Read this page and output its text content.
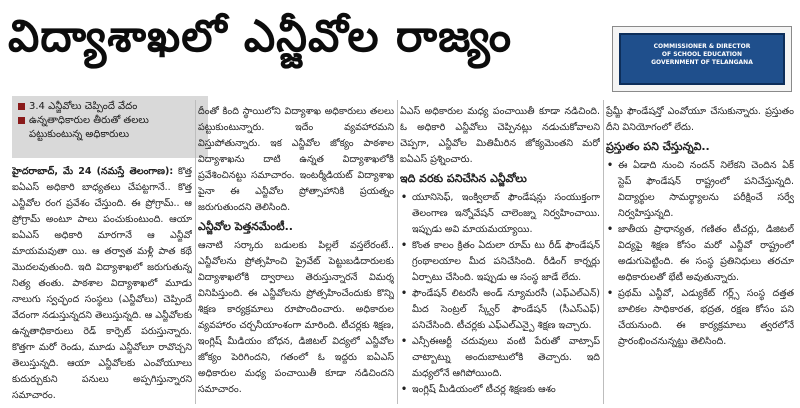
విద్యాశాఖలో ఎన్జీవోల రాజ్యం	COMMISSIONER & DIRECTOR
OF SCHOOL EDUCATION
GOVERNMENT OF TELANGANA
3.4 ఎన్జీవోలు చెప్పిందే వేదం
ఉన్నతాధికారుల తీరుతో తలలు పట్టుకుంటున్న అధికారులు

హైదరాబాద్, మే 24 (నమస్తే తెలంగాణ): కొత్త ఐఏఎస్ అధికారి బాధ్యతలు చేపట్టగానే.. కొత్త ఎన్జీవోల రంగ ప్రవేశం చేస్తుంది. ఈ ప్రోగ్రామ్.. ఆ ప్రోగ్రామ్ అంటూ పాలు పంచుకుంటుంది. ఆయా ఐఏఎస్ అధికారి మారగానే ఆ ఎన్జీవో మాయమవుతా యి. ఆ తర్వాత మళ్లీ పాత కథే మొదలవుతుంది. ఇది విద్యాశాఖలో జరుగుతున్న నిత్య తంతు. పాఠశాల విద్యాశాఖలో మూడు నాలుగు స్వచ్ఛంద సంస్థలు (ఎన్జీవోలు) చెప్పిందే వేదంగా నడుస్తున్నదని తెలుస్తున్నది. ఆ ఎన్జీవోలకు ఉన్నతాధికారులు రెడ్ కార్పెట్ పరుస్తున్నారు. కొత్తగా మరో రెండు, మూడు ఎన్జీవోలూ రావొచ్చని తెలుస్తున్నది. ఆయా ఎన్జీవోలకు ఎంవోయూలు కుదుర్చుకుని పనులు అప్పగిస్తున్నారని సమాచారం.

దీంతో కింది స్థాయిలోని విద్యాశాఖ అధికారులు తలలు పట్టుకుంటున్నారు. ఇదేం వ్యవహారమని విస్తుపోతున్నారు. ఇక ఎన్జీవోల జోక్యం పాఠశాల విద్యాశాఖను దాటి ఉన్నత విద్యాశాఖలోకి ప్రవేశించినట్టు సమాచారం. ఇంటర్మీడియట్ విద్యాశాఖ పైనా ఈ ఎన్జీవోల ప్రోత్సాహానికి ప్రయత్నం జరుగుతుందని తెలిసింది.

ఎన్జీవోల పెత్తనమేంటీ..

ఆనాటి సర్కారు బడులకు పిల్లలే వస్తలేరంటే.. ఎన్జీవోలను ప్రోత్సహించి ప్రైవేట్ పెట్టుబడిదారులకు విద్యాశాఖలోకి ద్వారాలు తెరుస్తున్నారనే విమర్శ వినిపిస్తుంది. ఈ ఎన్జీవోలను ప్రోత్సహించేందుకు కొన్ని శిక్షణ కార్యక్రమాలు రూపొందించారు. అధికారుల వ్యవహారం చర్చనీయాంశంగా మారింది. టీచర్లకు శిక్షణ, ఇంగ్లిష్ మీడియం బోధన, డిజిటల్ విద్యలో ఎన్జీవోల జోక్యం పెరిగిందని, గతంలో ఓ ఇద్దరు ఐఏఎస్ అధికారుల మధ్య పంచాయితీ కూడా నడిచిందని సమాచారం.

ఏఎస్ అధికారుల మధ్య పంచాయితీ కూడా నడిచింది. ఓ అధికారి ఎన్జీవోలు చెప్పినట్లు నడుచుకోవాలని చెప్పగా, ఎన్జీవోల మితిమీరిన జోక్యమెంతని మరో ఐఏఎస్ ప్రశ్నించారు.

ఇది వరకు పనిచేసిన ఎన్జీవోలు
• యూనిసెఫ్, ఇంక్విలాబ్ ఫౌండేషన్లు సంయుక్తంగా తెలంగాణ ఇన్నోవేషన్ చాలెంజ్ను నిర్వహించాయి. ఇప్పుడు అవి మాయమయ్యాయి.
• కొంత కాలం క్రితం ఏదులా రూమ్ టు రీడ్ ఫౌండేషన్ గ్రంథాలయాల మీద పనిచేసింది. రీడింగ్ కార్నర్లు ఏర్పాటు చేసింది. ఇప్పుడు ఆ సంస్థ జాడే లేదు.
• ఫౌండేషన్ లిటరసీ అండ్ న్యూమరసీ (ఎఫ్ఎల్ఎన్) మీద సెంట్రల్ స్క్వేర్ ఫౌండేషన్ (సీఎస్ఎఫ్) పనిచేసింది. టీచర్లకు ఎఫ్ఎల్ఎన్పై శిక్షణ ఇచ్చారు.
• ఎన్సీఈఆర్టీ చదువులు వంటి పేరుతో వాట్సాప్ చాట్బాట్ను అందుబాటులోకి తెచ్చారు. ఇది మధ్యలోనే ఆగిపోయింది.
• ఇంగ్లిష్ మీడియంలో టీచర్ల శిక్షణకు ఆశం

ప్రేమ్జీ ఫౌండేషన్తో ఎంవోయూ చేసుకున్నారు. ప్రస్తుతం దీని వినియోగంలో లేదు.

ప్రస్తుతం పని చేస్తున్నవి..
• ఈ ఏడాది నుంచి నందన్ నిలేకని చెందిన ఏక్ స్టెప్ ఫౌండేషన్ రాష్ట్రంలో పనిచేస్తున్నది. విద్యార్థుల సామర్థ్యాలను పరీక్షించే సర్వే నిర్వహిస్తున్నది.
• జాతీయ ప్రాధాన్యత, గణితం టీచర్లు, డిజిటల్ విద్యపై శిక్షణ కోసం మరో ఎన్జీవో రాష్ట్రంలో అడుగుపెట్టింది. ఈ సంస్థ ప్రతినిధులు తరచూ అధికారులతో భేటీ అవుతున్నారు.
• ప్రథమ్ ఎన్జీవో, ఎడ్యుకేట్ గర్ల్స్ సంస్థ దత్తత బాలికల సాధికారత, భద్రత, రక్షణ కోసం పని చేయనుంది. ఈ కార్యక్రమాలు త్వరలోనే ప్రారంభించనున్నట్టు తెలిసింది.
